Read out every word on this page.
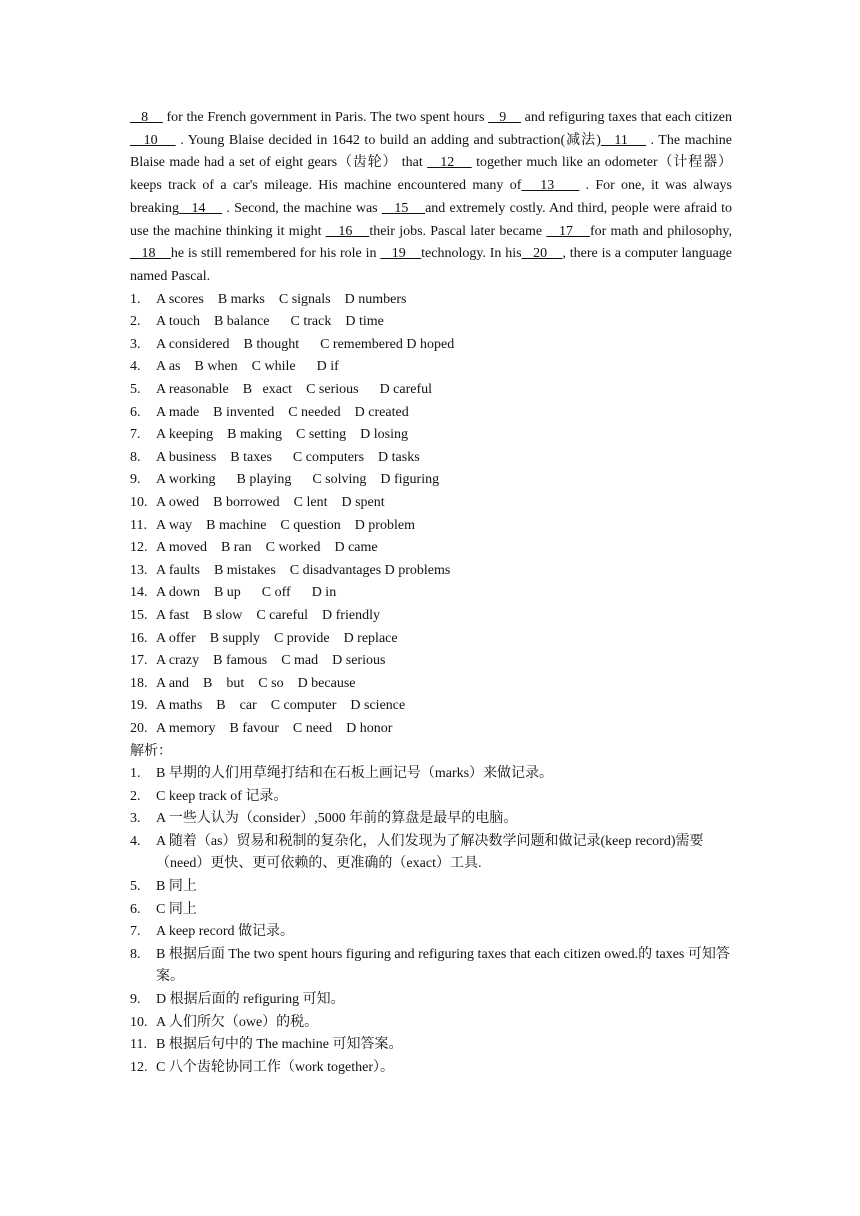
8     for the French government in Paris. The two spent hours    9     and refiguring taxes that each citizen    10     . Young Blaise decided in 1642 to build an adding and subtraction(减法)   11     . The machine Blaise made had a set of eight gears（齿轮） that    12     together much like an odometer（计程器） keeps track of a car's mileage. His machine encountered many of   13     . For one, it was always breaking   14     . Second, the machine was    15    and extremely costly. And third, people were afraid to use the machine thinking it might    16    their jobs. Pascal later became    17    for math and philosophy,    18    he is still remembered for his role in    19    technology. In his   20    , there is a computer language named Pascal.

1.	A scores    B marks    C signals    D numbers
2.	A touch    B balance      C track    D time
3.	A considered    B thought      C remembered D hoped
4.	A as    B when    C while      D if
5.	A reasonable    B   exact    C serious      D careful
6.	A made    B invented    C needed    D created
7.	A keeping    B making    C setting    D losing
8.	A business    B taxes      C computers    D tasks
9.	A working      B playing      C solving    D figuring
10. A owed    B borrowed    C lent    D spent
11. A way    B machine    C question    D problem
12. A moved    B ran    C worked    D came
13. A faults    B mistakes    C disadvantages D problems
14. A down    B up      C off      D in
15. A fast    B slow    C careful    D friendly
16. A offer    B supply    C provide    D replace
17. A crazy    B famous    C mad    D serious
18. A and    B    but    C so    D because
19. A maths    B    car    C computer    D science
20. A memory    B favour    C need    D honor
解析：
1.	B 早期的人们用草绳打结和在石板上画记号（marks）来做记录。
2.	C keep track of 记录。
3.	A 一些人认为（consider）,5000 年前的算盘是最早的电脑。
4.	A 随着（as）贸易和税制的复杂化，人们发现为了解决数学问题和做记录(keep record)需要（need）更快、更可依赖的、更准确的（exact）工具.
5.	B 同上
6.	C 同上
7.	A keep record 做记录。
8.	B 根据后面 The two spent hours figuring and refiguring taxes that each citizen owed.的 taxes 可知答案。
9.	D 根据后面的 refiguring 可知。
10. A 人们所欠（owe）的税。
11. B 根据后句中的 The machine 可知答案。
12. C 八个齿轮协同工作（work together）。
